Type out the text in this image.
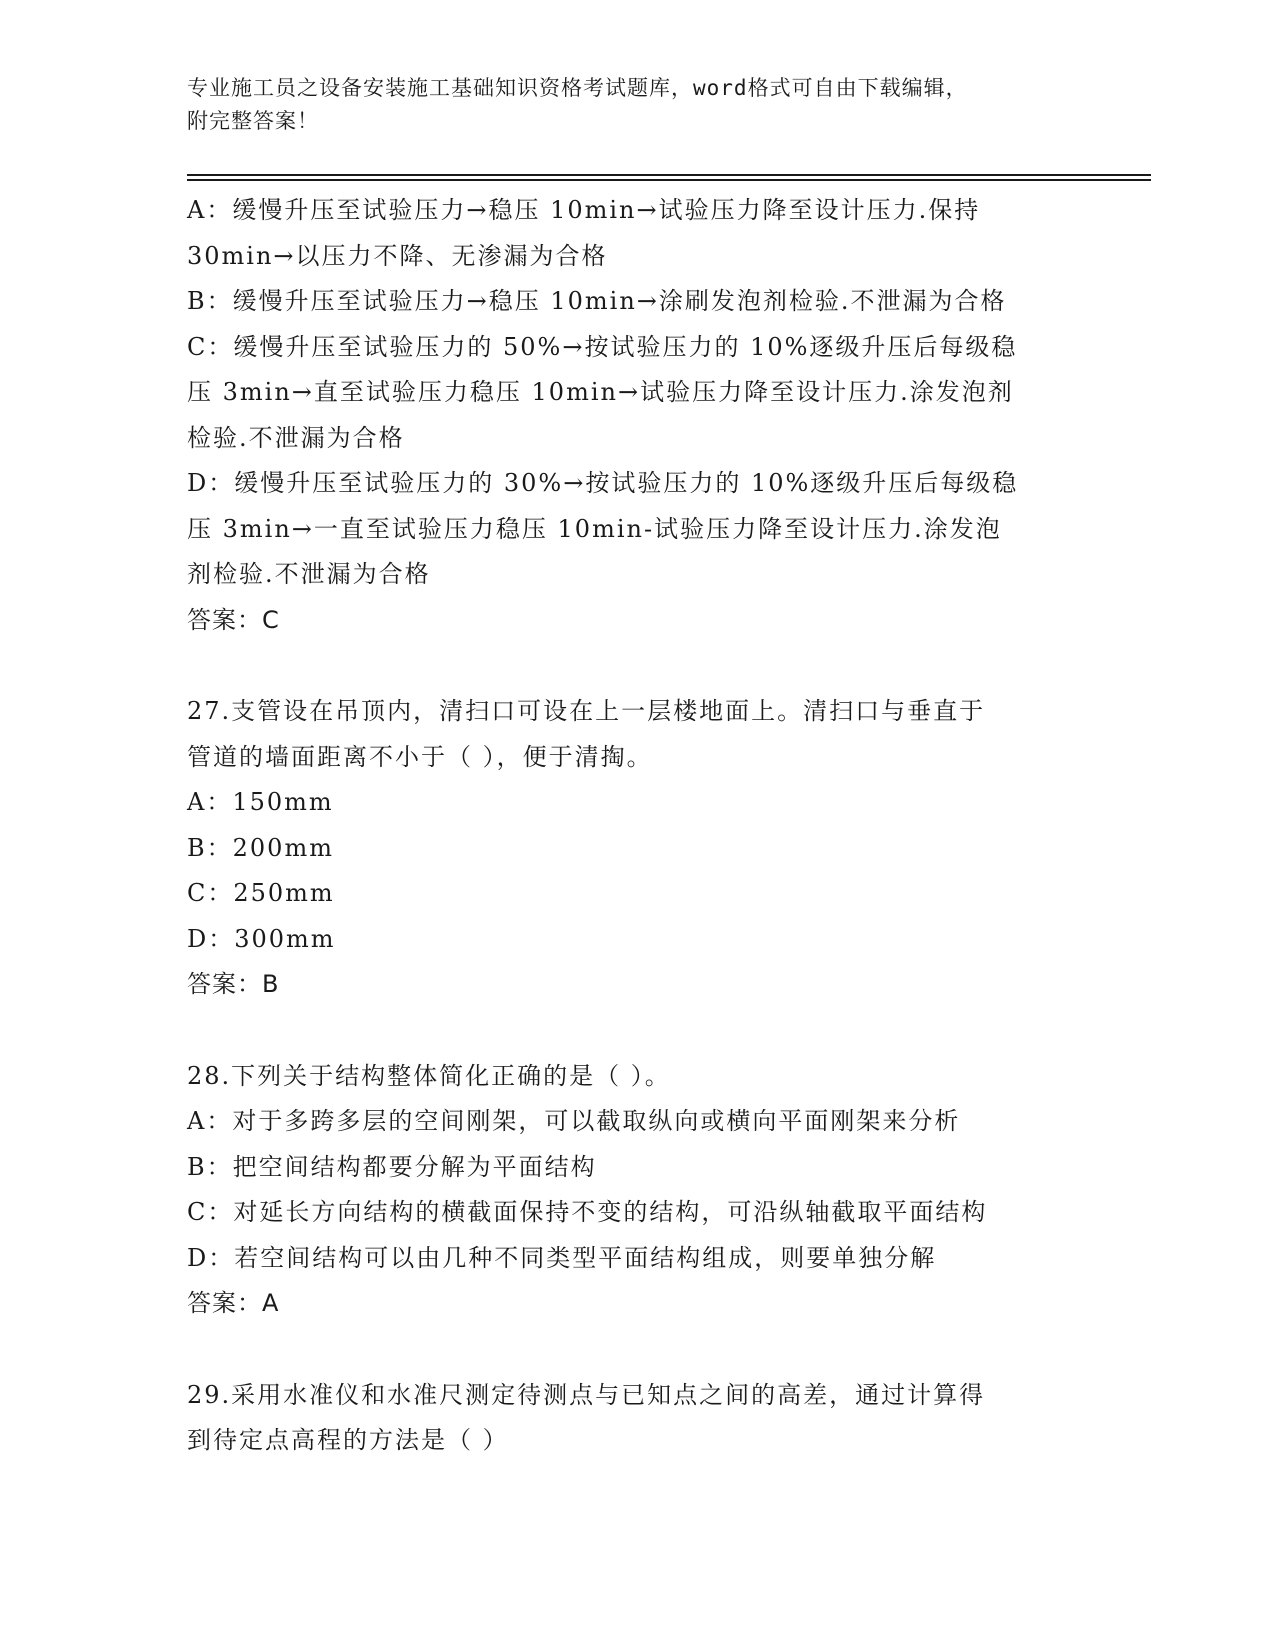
专业施工员之设备安装施工基础知识资格考试题库，word格式可自由下载编辑，
附完整答案！
A：缓慢升压至试验压力→稳压 10min→试验压力降至设计压力.保持
30min→以压力不降、无渗漏为合格
B：缓慢升压至试验压力→稳压 10min→涂刷发泡剂检验.不泄漏为合格
C：缓慢升压至试验压力的 50%→按试验压力的 10%逐级升压后每级稳
压 3min→直至试验压力稳压 10min→试验压力降至设计压力.涂发泡剂
检验.不泄漏为合格
D：缓慢升压至试验压力的 30%→按试验压力的 10%逐级升压后每级稳
压 3min→一直至试验压力稳压 10min-试验压力降至设计压力.涂发泡
剂检验.不泄漏为合格
答案：C
27.支管设在吊顶内，清扫口可设在上一层楼地面上。清扫口与垂直于
管道的墙面距离不小于（ ），便于清掏。
A：150mm
B：200mm
C：250mm
D：300mm
答案：B
28.下列关于结构整体简化正确的是（ ）。
A：对于多跨多层的空间刚架，可以截取纵向或横向平面刚架来分析
B：把空间结构都要分解为平面结构
C：对延长方向结构的横截面保持不变的结构，可沿纵轴截取平面结构
D：若空间结构可以由几种不同类型平面结构组成，则要单独分解
答案：A
29.采用水准仪和水准尺测定待测点与已知点之间的高差，通过计算得
到待定点高程的方法是（ ）
